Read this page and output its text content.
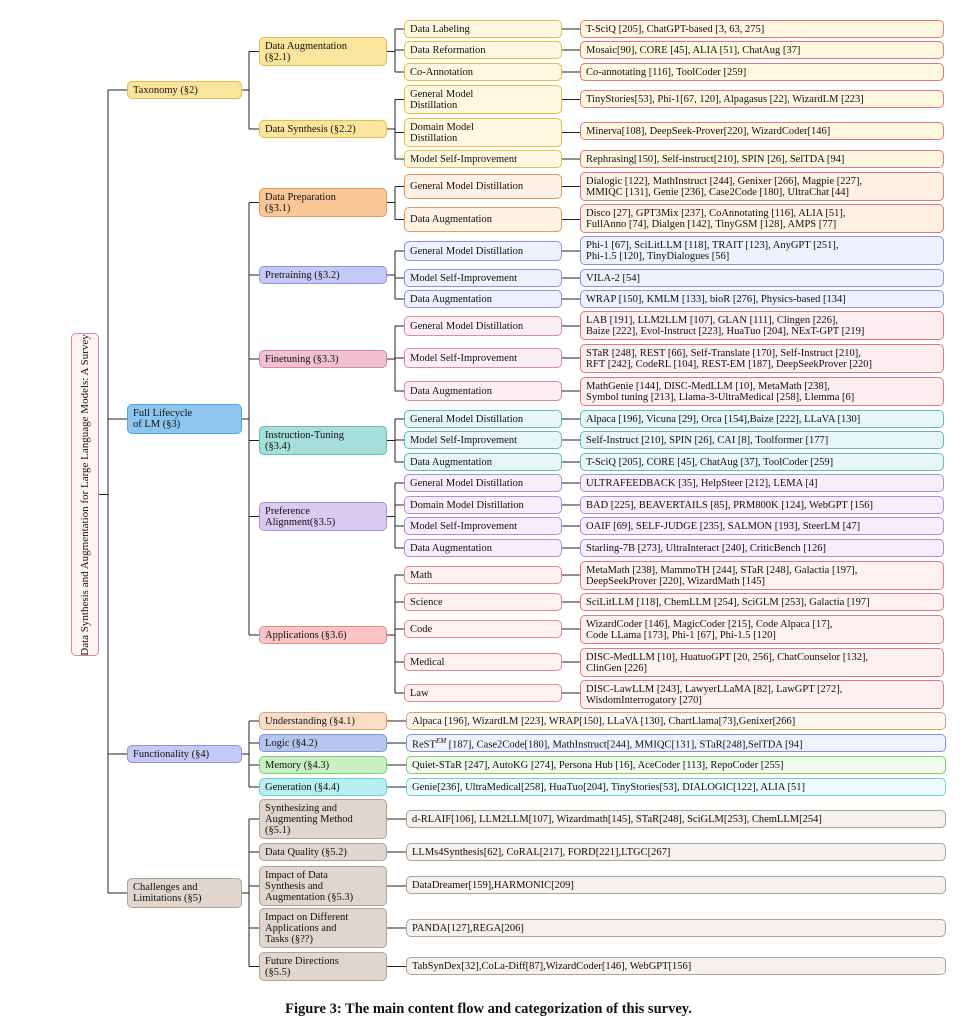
Data Synthesis and Augmentation for Large Language Models: A Survey
Taxonomy (§2)
Full Lifecycle
of LM (§3)
Functionality (§4)
Challenges and
Limitations (§5)
Data Augmentation
(§2.1)
Data Synthesis (§2.2)
Data Preparation
(§3.1)
Pretraining (§3.2)
Finetuning (§3.3)
Instruction-Tuning
(§3.4)
Preference
Alignment(§3.5)
Applications (§3.6)
Understanding (§4.1)
Logic (§4.2)
Memory (§4.3)
Generation (§4.4)
Synthesizing and
Augmenting Method
(§5.1)
Data Quality (§5.2)
Impact of Data
Synthesis and
Augmentation (§5.3)
Impact on Different
Applications and
Tasks (§??)
Future Directions
(§5.5)
Data Labeling
Data Reformation
Co-Annotation
General Model
Distillation
Domain Model
Distillation
Model Self-Improvement
General Model Distillation
Data Augmentation
General Model Distillation
Model Self-Improvement
Data Augmentation
General Model Distillation
Model Self-Improvement
Data Augmentation
General Model Distillation
Model Self-Improvement
Data Augmentation
General Model Distillation
Domain Model Distillation
Model Self-Improvement
Data Augmentation
Math
Science
Code
Medical
Law
T-SciQ [205], ChatGPT-based [3, 63, 275]
Mosaic[90], CORE [45], ALIA [51], ChatAug [37]
Co-annotating [116], ToolCoder [259]
TinyStories[53], Phi-1[67, 120], Alpagasus [22], WizardLM [223]
Minerva[108], DeepSeek-Prover[220], WizardCoder[146]
Rephrasing[150], Self-instruct[210], SPIN [26], SelTDA [94]
Dialogic [122], MathInstruct [244], Genixer [266], Magpie [227],
MMIQC [131], Genie [236], Case2Code [180], UltraChat [44]
Disco [27], GPT3Mix [237], CoAnnotating [116], ALIA [51],
FullAnno [74], Dialgen [142], TinyGSM [128], AMPS [77]
Phi-1 [67], SciLitLLM [118], TRAIT [123], AnyGPT [251],
Phi-1.5 [120], TinyDialogues [56]
VILA-2 [54]
WRAP [150], KMLM [133], bioR [276], Physics-based [134]
LAB [191], LLM2LLM [107], GLAN [111], Clingen [226],
Baize [222], Evol-Instruct [223], HuaTuo [204], NExT-GPT [219]
STaR [248], REST [66], Self-Translate [170], Self-Instruct [210],
RFT [242], CodeRL [104], REST-EM [187], DeepSeekProver [220]
MathGenie [144], DISC-MedLLM [10], MetaMath [238],
Symbol tuning [213], Llama-3-UltraMedical [258], Llemma [6]
Alpaca [196], Vicuna [29], Orca [154],Baize [222], LLaVA [130]
Self-Instruct [210], SPIN [26], CAI [8], Toolformer [177]
T-SciQ [205], CORE [45], ChatAug [37], ToolCoder [259]
ULTRAFEEDBACK [35], HelpSteer [212], LEMA [4]
BAD [225], BEAVERTAILS [85], PRM800K [124], WebGPT [156]
OAIF [69], SELF-JUDGE [235], SALMON [193], SteerLM [47]
Starling-7B [273], UltraInteract [240], CriticBench [126]
MetaMath [238], MammoTH [244], STaR [248], Galactia [197],
DeepSeekProver [220], WizardMath [145]
SciLitLLM [118], ChemLLM [254], SciGLM [253], Galactia [197]
WizardCoder [146], MagicCoder [215], Code Alpaca [17],
Code LLama [173], Phi-1 [67], Phi-1.5 [120]
DISC-MedLLM [10], HuatuoGPT [20, 256], ChatCounselor [132],
ClinGen [226]
DISC-LawLLM [243], LawyerLLaMA [82], LawGPT [272],
WisdomInterrogatory [270]
Alpaca [196], WizardLM [223], WRAP[150], LLaVA [130], ChartLlama[73],Genixer[266]
ReST$^{EM}$ [187], Case2Code[180], MathInstruct[244], MMIQC[131], STaR[248],SelTDA [94]
Quiet-STaR [247], AutoKG [274], Persona Hub [16], AceCoder [113], RepoCoder [255]
Genie[236], UltraMedical[258], HuaTuo[204], TinyStories[53], DIALOGIC[122], ALIA [51]
d-RLAIF[106], LLM2LLM[107], Wizardmath[145], STaR[248], SciGLM[253], ChemLLM[254]
LLMs4Synthesis[62], CoRAL[217], FORD[221],LTGC[267]
DataDreamer[159],HARMONIC[209]
PANDA[127],REGA[206]
TabSynDex[32],CoLa-Diff[87],WizardCoder[146], WebGPT[156]
Figure 3: The main content flow and categorization of this survey.
